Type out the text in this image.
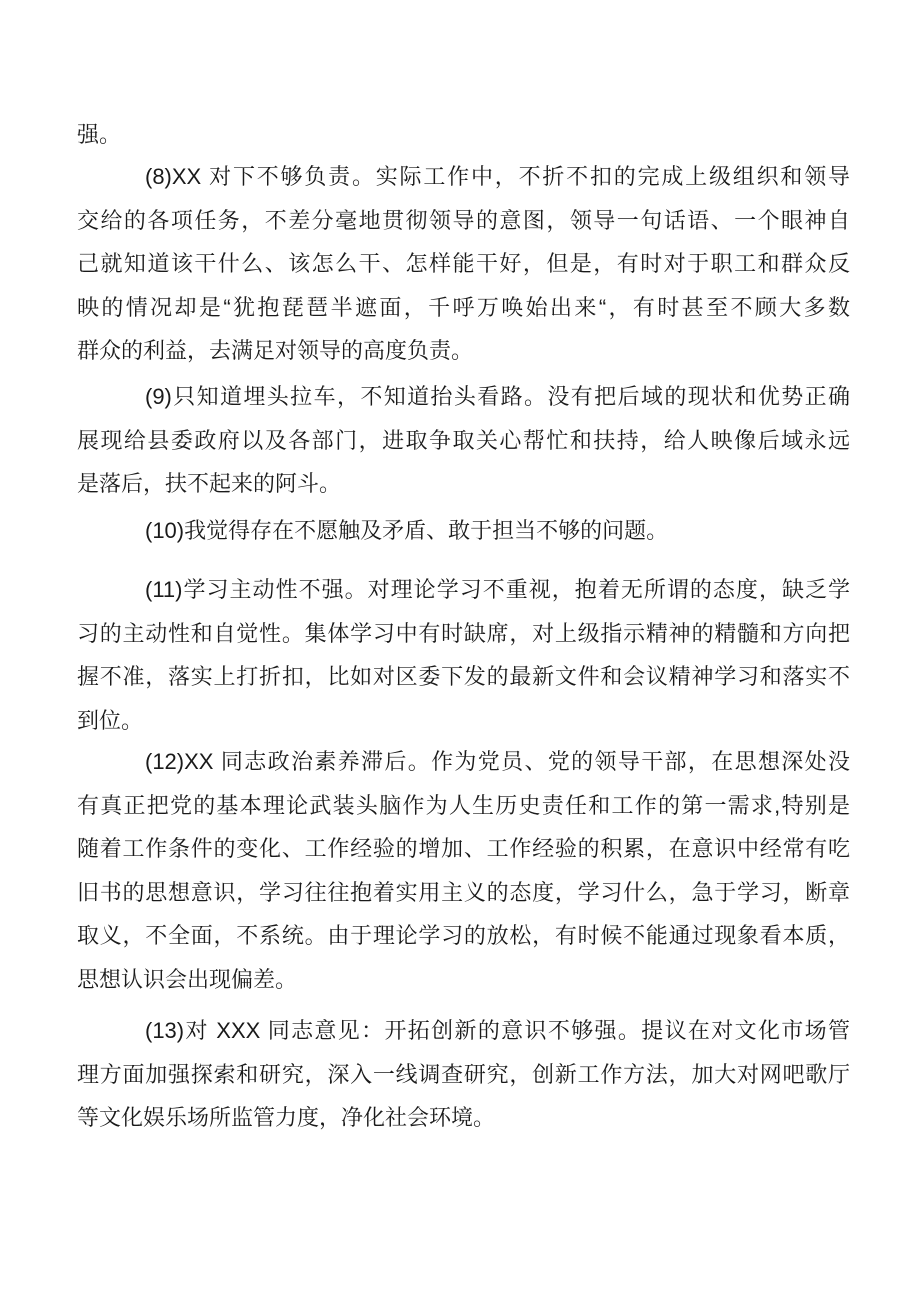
强。
(8)XX 对下不够负责。实际工作中，不折不扣的完成上级组织和领导
交给的各项任务，不差分毫地贯彻领导的意图，领导一句话语、一个眼神自
己就知道该干什么、该怎么干、怎样能干好，但是，有时对于职工和群众反
映的情况却是“犹抱琵琶半遮面，千呼万唤始出来“，有时甚至不顾大多数
群众的利益，去满足对领导的高度负责。
(9)只知道埋头拉车，不知道抬头看路。没有把后域的现状和优势正确
展现给县委政府以及各部门，进取争取关心帮忙和扶持，给人映像后域永远
是落后，扶不起来的阿斗。
(10)我觉得存在不愿触及矛盾、敢于担当不够的问题。
(11)学习主动性不强。对理论学习不重视，抱着无所谓的态度，缺乏学
习的主动性和自觉性。集体学习中有时缺席，对上级指示精神的精髓和方向把
握不准，落实上打折扣，比如对区委下发的最新文件和会议精神学习和落实不
到位。
(12)XX 同志政治素养滞后。作为党员、党的领导干部，在思想深处没
有真正把党的基本理论武装头脑作为人生历史责任和工作的第一需求,特别是
随着工作条件的变化、工作经验的增加、工作经验的积累，在意识中经常有吃
旧书的思想意识，学习往往抱着实用主义的态度，学习什么，急于学习，断章
取义，不全面，不系统。由于理论学习的放松，有时候不能通过现象看本质，
思想认识会出现偏差。
(13)对 XXX 同志意见：开拓创新的意识不够强。提议在对文化市场管
理方面加强探索和研究，深入一线调查研究，创新工作方法，加大对网吧歌厅
等文化娱乐场所监管力度，净化社会环境。
